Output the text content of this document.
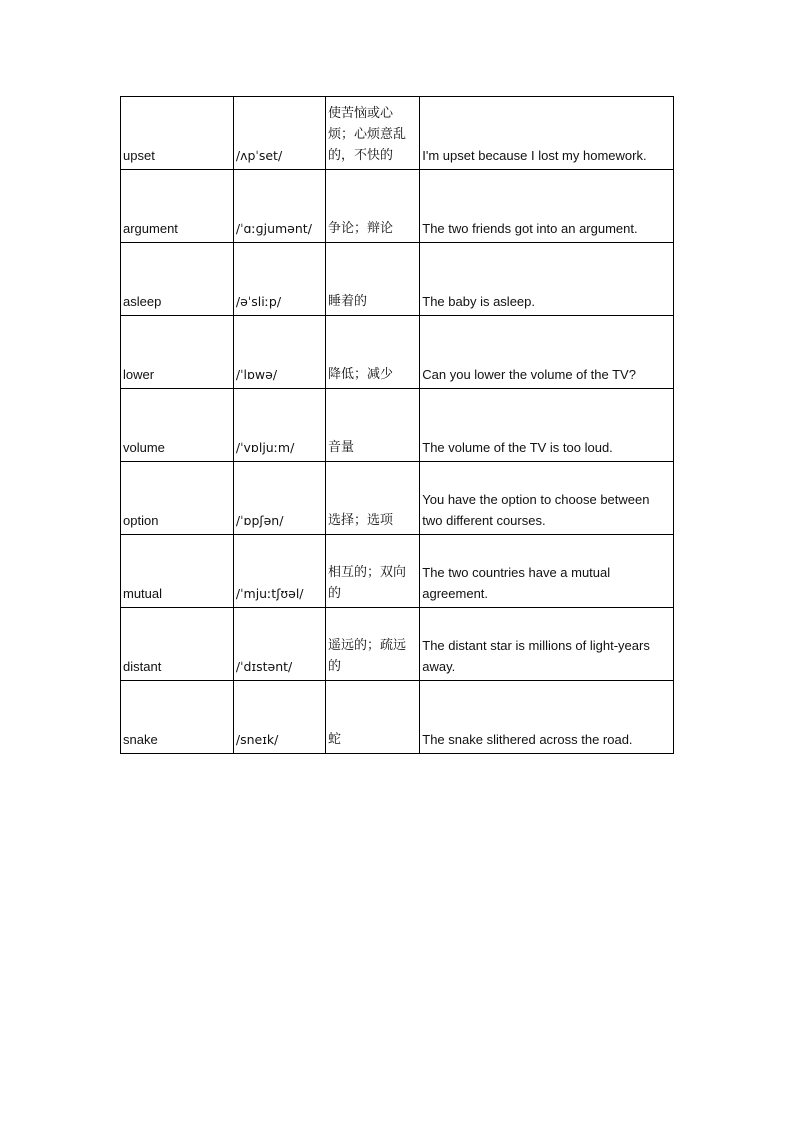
upset	/ʌpˈset/	使苦恼或心烦；心烦意乱的，不快的	I'm upset because I lost my homework.
argument	/ˈɑːɡjumənt/	争论；辩论	The two friends got into an argument.
asleep	/əˈsliːp/	睡着的	The baby is asleep.
lower	/ˈlɒwə/	降低；减少	Can you lower the volume of the TV?
volume	/ˈvɒljuːm/	音量	The volume of the TV is too loud.
option	/ˈɒpʃən/	选择；选项	You have the option to choose between two different courses.
mutual	/ˈmjuːtʃʊəl/	相互的；双向的	The two countries have a mutual agreement.
distant	/ˈdɪstənt/	遥远的；疏远的	The distant star is millions of light-years away.
snake	/sneɪk/	蛇	The snake slithered across the road.
